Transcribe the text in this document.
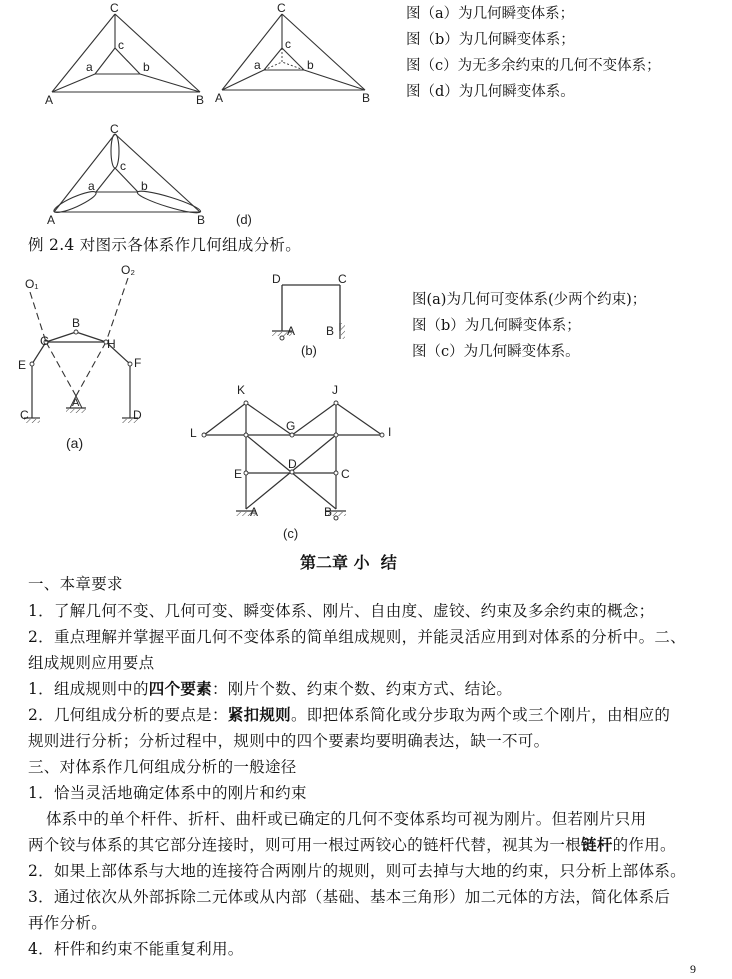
C
c
a	b
A	B
C
c
a	b
A	B
图（a）为几何瞬变体系；
图（b）为几何瞬变体系；
图（c）为无多余约束的几何不变体系；
图（d）为几何瞬变体系。
C
c
a	b
A	B (d)
例 2.4 对图示各体系作几何组成分析。
O₁
O₂
B
G	H
E	F
A
C	D
(a)
D	C
A	B
(b)
图(a)为几何可变体系(少两个约束)；
图（b）为几何瞬变体系；
图（c）为几何瞬变体系。
K	J
L	G	I
E
D
C
A	B
(c)
第二章 小  结
一、本章要求
1．了解几何不变、几何可变、瞬变体系、刚片、自由度、虚铰、约束及多余约束的概念；
2．重点理解并掌握平面几何不变体系的简单组成规则，并能灵活应用到对体系的分析中。二、
组成规则应用要点
1．组成规则中的四个要素：刚片个数、约束个数、约束方式、结论。
2．几何组成分析的要点是：紧扣规则。即把体系简化或分步取为两个或三个刚片，由相应的
规则进行分析；分析过程中，规则中的四个要素均要明确表达，缺一不可。
三、对体系作几何组成分析的一般途径
1．恰当灵活地确定体系中的刚片和约束
体系中的单个杆件、折杆、曲杆或已确定的几何不变体系均可视为刚片。但若刚片只用
两个铰与体系的其它部分连接时，则可用一根过两铰心的链杆代替，视其为一根链杆的作用。
2．如果上部体系与大地的连接符合两刚片的规则，则可去掉与大地的约束，只分析上部体系。
3．通过依次从外部拆除二元体或从内部（基础、基本三角形）加二元体的方法，简化体系后
再作分析。
4．杆件和约束不能重复利用。
9
